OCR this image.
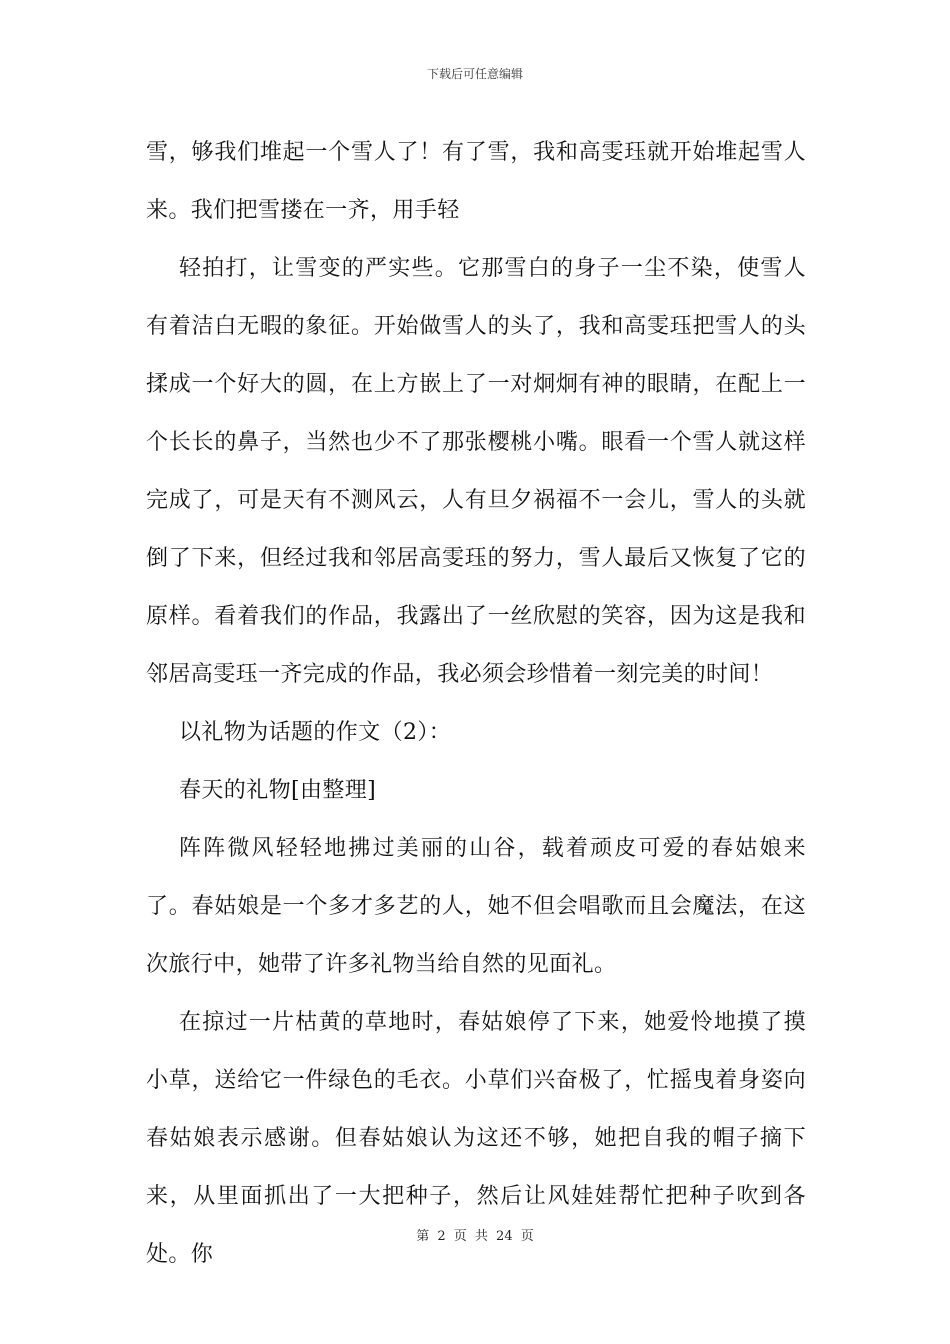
下载后可任意编辑

雪，够我们堆起一个雪人了！有了雪，我和高雯珏就开始堆起雪人来。我们把雪搂在一齐，用手轻

轻拍打，让雪变的严实些。它那雪白的身子一尘不染，使雪人有着洁白无暇的象征。开始做雪人的头了，我和高雯珏把雪人的头揉成一个好大的圆，在上方嵌上了一对炯炯有神的眼睛，在配上一个长长的鼻子，当然也少不了那张樱桃小嘴。眼看一个雪人就这样完成了，可是天有不测风云，人有旦夕祸福不一会儿，雪人的头就倒了下来，但经过我和邻居高雯珏的努力，雪人最后又恢复了它的原样。看着我们的作品，我露出了一丝欣慰的笑容，因为这是我和邻居高雯珏一齐完成的作品，我必须会珍惜着一刻完美的时间！

以礼物为话题的作文（2）：

春天的礼物[由整理]

阵阵微风轻轻地拂过美丽的山谷，载着顽皮可爱的春姑娘来了。春姑娘是一个多才多艺的人，她不但会唱歌而且会魔法，在这次旅行中，她带了许多礼物当给自然的见面礼。

在掠过一片枯黄的草地时，春姑娘停了下来，她爱怜地摸了摸小草，送给它一件绿色的毛衣。小草们兴奋极了，忙摇曳着身姿向春姑娘表示感谢。但春姑娘认为这还不够，她把自我的帽子摘下来，从里面抓出了一大把种子，然后让风娃娃帮忙把种子吹到各处。你

第 2 页 共 24 页
